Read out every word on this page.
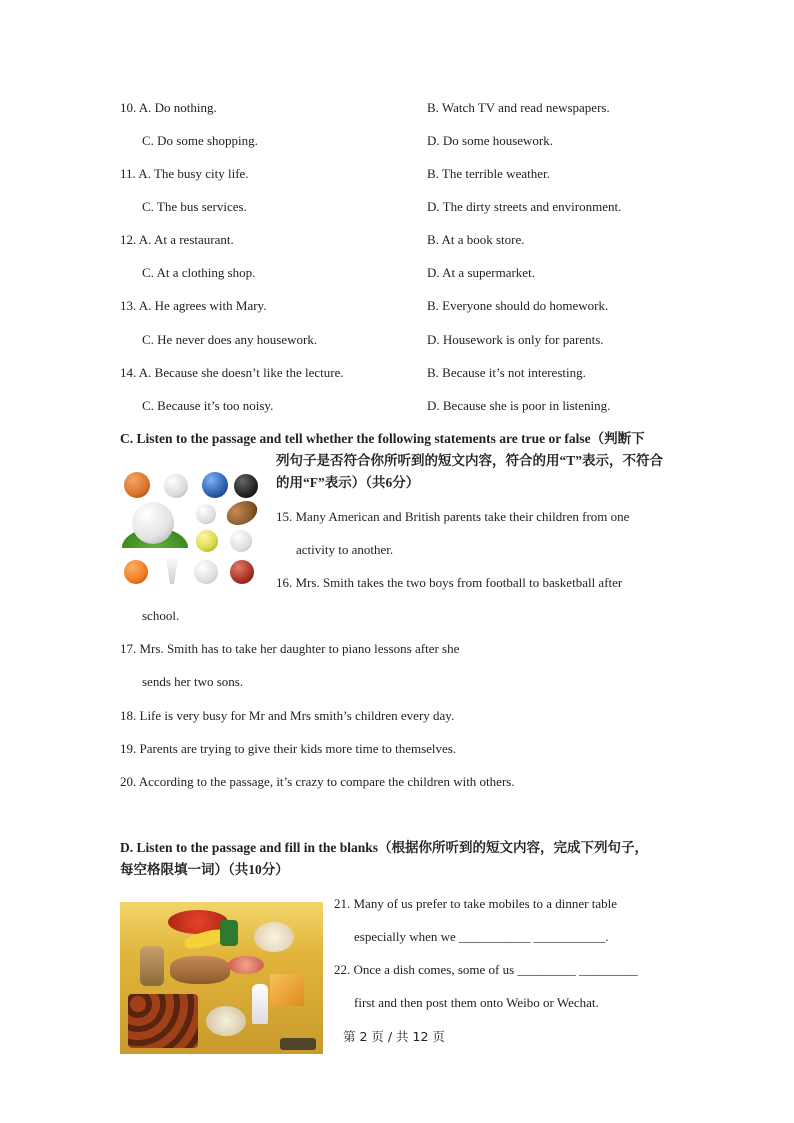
10. A. Do nothing.	B. Watch TV and read newspapers.
C. Do some shopping.	D. Do some housework.
11. A. The busy city life.	B. The terrible weather.
C. The bus services.	D. The dirty streets and environment.
12. A. At a restaurant.	B. At a book store.
C. At a clothing shop.	D. At a supermarket.
13. A. He agrees with Mary.	B. Everyone should do homework.
C. He never does any housework.	D. Housework is only for parents.
14. A. Because she doesn’t like the lecture.	B. Because it’s not interesting.
C. Because it’s too noisy.	D. Because she is poor in listening.
C. Listen to the passage and tell whether the following statements are true or false（判断下
列句子是否符合你所听到的短文内容，符合的用“T”表示，不符合
的用“F”表示）（共6分）
15. Many American and British parents take their children from one
activity to another.
16. Mrs. Smith takes the two boys from football to basketball after
school.
17. Mrs. Smith has to take her daughter to piano lessons after she
sends her two sons.
18. Life is very busy for Mr and Mrs smith’s children every day.
19. Parents are trying to give their kids more time to themselves.
20. According to the passage, it’s crazy to compare the children with others.
D. Listen to the passage and fill in the blanks（根据你所听到的短文内容，完成下列句子，
每空格限填一词）（共10分）
21. Many of us prefer to take mobiles to a dinner table
especially when we ___________ ___________.
22. Once a dish comes, some of us _________ _________
first and then post them onto Weibo or Wechat.
第 2 页 / 共 12 页
